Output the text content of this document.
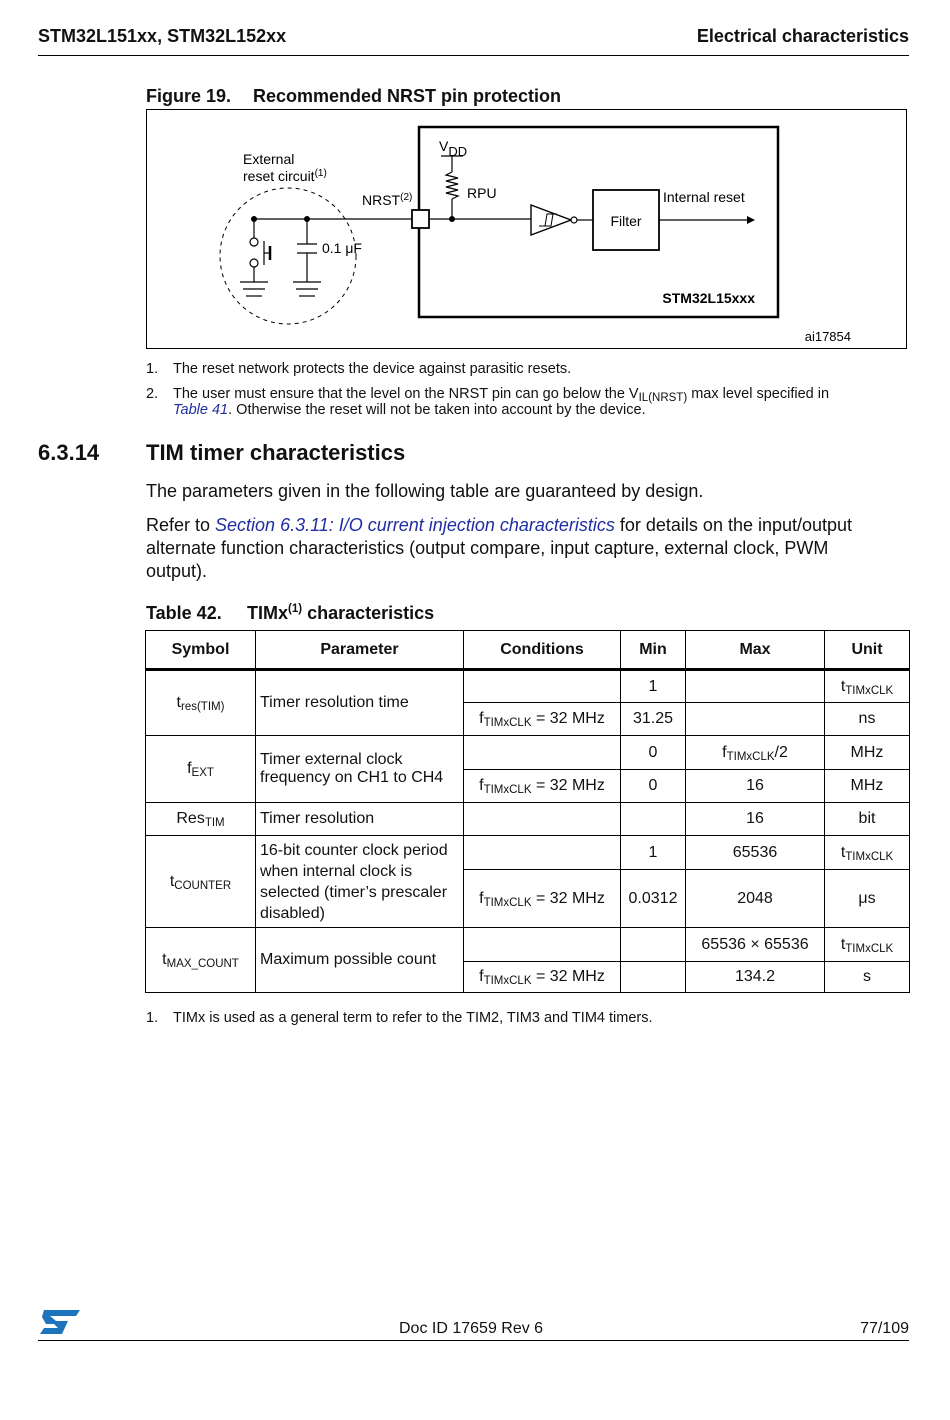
STM32L151xx, STM32L152xx	Electrical characteristics
Figure 19. Recommended NRST pin protection
External
reset circuit$^{(1)}$
NRST$^{(2)}$
VDD
RPU
0.1 μF
Filter
Internal reset
STM32L15xxx
ai17854
1. The reset network protects the device against parasitic resets.
2. The user must ensure that the level on the NRST pin can go below the $V_{IL(NRST)}$ max level specified in
Table 41. Otherwise the reset will not be taken into account by the device.
6.3.14 TIM timer characteristics
The parameters given in the following table are guaranteed by design.
Refer to Section 6.3.11: I/O current injection characteristics for details on the input/output
alternate function characteristics (output compare, input capture, external clock, PWM
output).
Table 42. TIMx$^{(1)}$ characteristics
Symbol	Parameter	Conditions	Min	Max	Unit
$t_{res(TIM)}$	Timer resolution time		1		$t_{TIMxCLK}$
		$f_{TIMxCLK} = 32$ MHz	31.25		ns
$f_{EXT}$	Timer external clock frequency on CH1 to CH4		0	$f_{TIMxCLK}/2$	MHz
		$f_{TIMxCLK} = 32$ MHz	0	16	MHz
Res$_{TIM}$	Timer resolution			16	bit
$t_{COUNTER}$	16-bit counter clock period when internal clock is selected (timer’s prescaler disabled)		1	65536	$t_{TIMxCLK}$
		$f_{TIMxCLK} = 32$ MHz	0.0312	2048	μs
$t_{MAX\_COUNT}$	Maximum possible count			65536 × 65536	$t_{TIMxCLK}$
		$f_{TIMxCLK} = 32$ MHz		134.2	s
1. TIMx is used as a general term to refer to the TIM2, TIM3 and TIM4 timers.
Doc ID 17659 Rev 6	77/109
